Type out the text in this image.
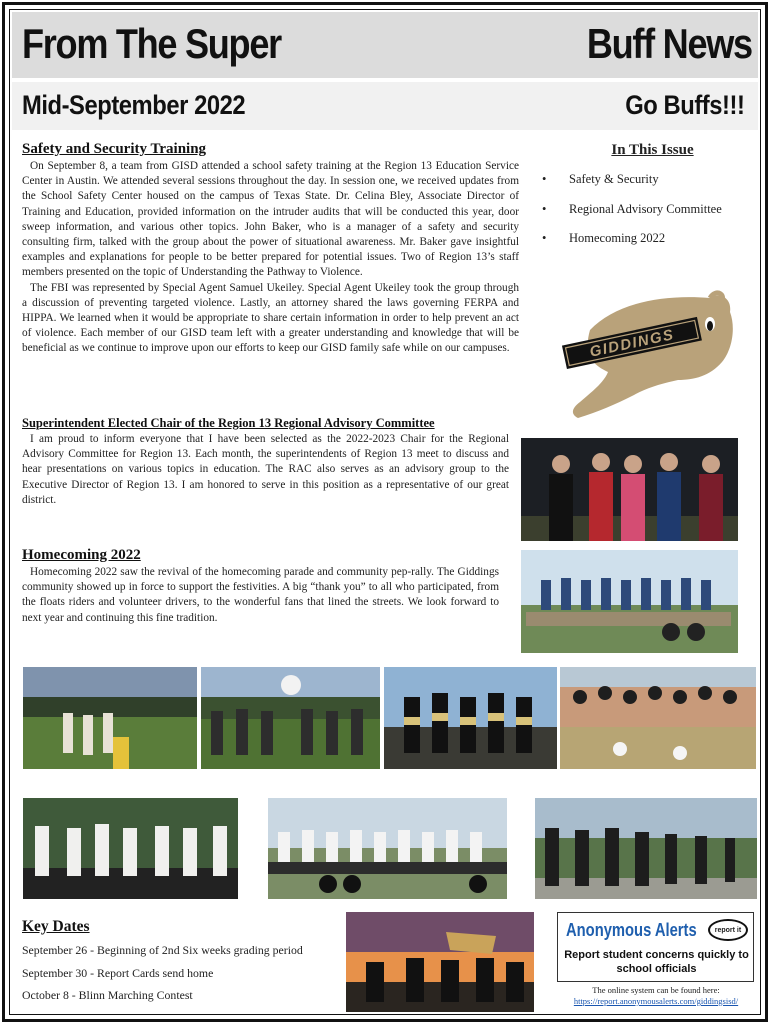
From The Super	Buff News
Mid-September 2022	Go Buffs!!!
Safety and Security Training

On September 8, a team from GISD attended a school safety training at the Region 13 Education Service Center in Austin. We attended several sessions throughout the day. In session one, we received updates from the School Safety Center housed on the campus of Texas State. Dr. Celina Bley, Associate Director of Training and Education, provided information on the intruder audits that will be conducted this year, door sweep information, and various other topics. John Baker, who is a manager of a safety and security consulting firm, talked with the group about the power of situational awareness. Mr. Baker gave insightful examples and explanations for people to be better prepared for potential issues. Two of Region 13’s staff members presented on the topic of Understanding the Pathway to Violence.

The FBI was represented by Special Agent Samuel Ukeiley. Special Agent Ukeiley took the group through a discussion of preventing targeted violence. Lastly, an attorney shared the laws governing FERPA and HIPPA. We learned when it would be appropriate to share certain information in order to help prevent an act of violence. Each member of our GISD team left with a greater understanding and knowledge that will be beneficial as we continue to improve upon our efforts to keep our GISD family safe while on our campuses.

In This Issue
•	Safety & Security
•	Regional Advisory Committee
•	Homecoming 2022
GIDDINGS
Superintendent Elected Chair of the Region 13 Regional Advisory Committee

I am proud to inform everyone that I have been selected as the 2022-2023 Chair for the Regional Advisory Committee for Region 13. Each month, the superintendents of Region 13 meet to discuss and hear presentations on various topics in education. The RAC also serves as an advisory group to the Executive Director of Region 13. I am honored to serve in this position as a representative of our great district.

Homecoming 2022

Homecoming 2022 saw the revival of the homecoming parade and community pep-rally. The Giddings community showed up in force to support the festivities. A big “thank you” to all who participated, from the floats riders and volunteer drivers, to the wonderful fans that lined the streets. We look forward to next year and continuing this fine tradition.

Key Dates
September 26 - Beginning of 2nd Six weeks grading period
September 30 - Report Cards send home
October 8 - Blinn Marching Contest
Anonymous Alerts	report it
Report student concerns quickly to school officials
The online system can be found here:
https://report.anonymousalerts.com/giddingsisd/
